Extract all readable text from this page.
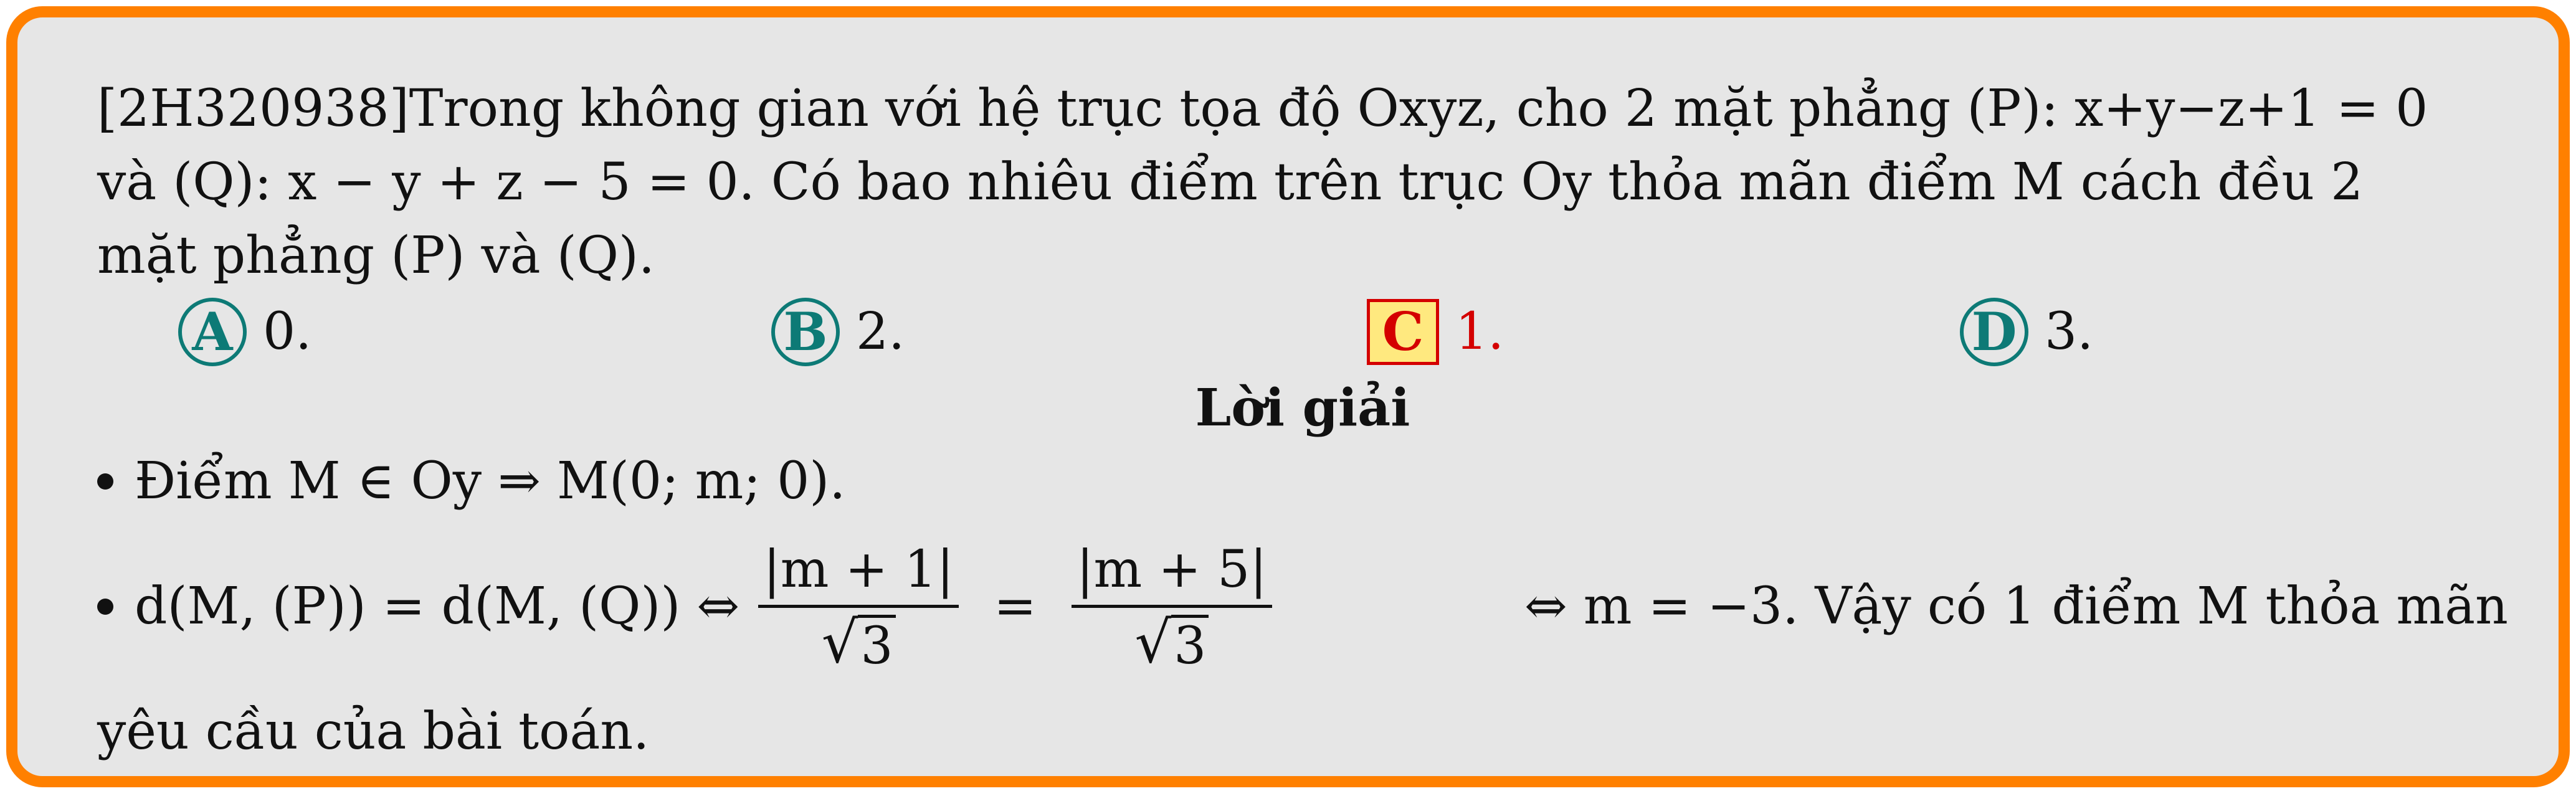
[2H320938]Trong không gian với hệ trục tọa độ Oxyz, cho 2 mặt phẳng (P): x+y−z+1 = 0
và (Q): x − y + z − 5 = 0. Có bao nhiêu điểm trên trục Oy thỏa mãn điểm M cách đều 2
mặt phẳng (P) và (Q).
A 0.	B 2.	C 1.	D 3.
Lời giải
Điểm M ∈ Oy ⇒ M(0; m; 0).
d(M, (P)) = d(M, (Q)) ⇔ $\frac{|m + 1|}{√ 3} = \frac{|m + 5|}{√ 3}$	⇔ m = −3. Vậy có 1 điểm M thỏa mãn
yêu cầu của bài toán.
